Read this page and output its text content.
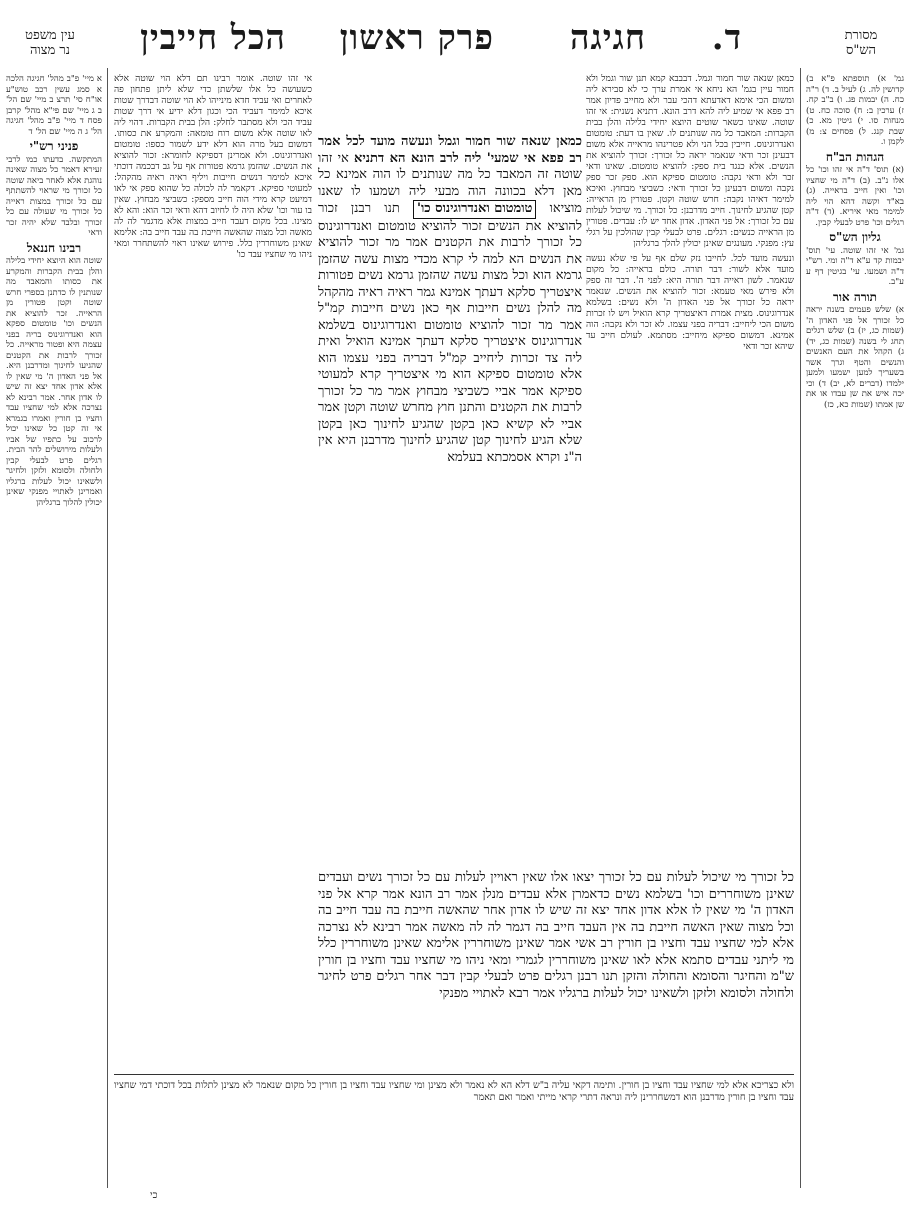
מסורת
הש"ס
הכל חייבין פרק ראשון חגיגה ד.
עין משפט
נר מצוה
גמ' א) תוספתא פ"א ב) קדושין לה. ג) לעיל ב. ד) ר"ה כח. ה) יבמות פג. ו) ב"ב קח. ז) ערכין ב: ח) סוכה כח. ט) מנחות סו. י) גיטין מא. כ) שבת קנג. ל) פסחים צ: מ) לקמן ו.
הגהות הב"ח
(א) תוס' ד"ה אי זהו וכו' כל אלו נ"ב. (ב) ד"ה מי שחציו וכו' ואין חייב בראייה. (ג) בא"ד וקשה דהא הוי ליה למימר מאי איריא. (ד) ד"ה רגלים וכו' פרט לבעלי קבין.
גליון הש"ס
גמ' אי זהו שוטה. עי' תוס' יבמות קד ע"א ד"ה ומי. רש"י ד"ה ושמעו. עי' בגיטין דף ע ע"ב.
תורה אור
א) שלש פעמים בשנה יראה כל זכורך אל פני האדון ה' (שמות כג, יז) ב) שלש רגלים תחג לי בשנה (שמות כג, יד) ג) הקהל את העם האנשים והנשים והטף וגרך אשר בשעריך למען ישמעו ולמען ילמדו (דברים לא, יב) ד) וכי יכה איש את שן עבדו או את שן אמתו (שמות כא, כז)
כמאן שנאה שור חמור וגמל. דבבבא קמא תנן שור וגמל ולא חמור עיין בגמ' הא ניחא אי אמרת ערך כי לא סבירא ליה ומשום הכי אימא דאדעתא דהכי עבר ולא מחייב פדיון אמר רב פפא אי שמיע ליה להא דרב הונא. דתניא נשנית: אי זהו שוטה. שאינו כשאר שוטים היוצא יחידי בלילה והלן בבית הקברות: המאבד כל מה שנותנים לו. שאין בו דעת: טומטום ואנדרוגינוס. חייבין בכל הני ולא פטרינהו מראייה אלא משום דבעינן זכר ודאי שנאמר יראה כל זכורך: זכורך להוציא את הנשים. אלא כנגד בית ספק: להוציא טומטום. שאינו ודאי זכר ולא ודאי נקבה: טומטום ספיקא הוא. ספק זכר ספק נקבה ומשום דבעינן כל זכורך ודאי: כשביצי מבחוץ. ואיכא למימר דאיהו נקבה: חרש שוטה וקטן. פטורין מן הראייה: קטן שהגיע לחינוך. חייב מדרבנן: כל זכורך. מי שיכול לעלות עם כל זכורך: אל פני האדון. אדון אחד יש לו: עבדים. פטורין מן הראייה כנשים: רגלים. פרט לבעלי קבין שהולכין על רגלי עץ: מפנקי. מעונגים שאינן יכולין להלך ברגליהן
ונעשה מועד לכל. לחייבו נזק שלם אף על פי שלא נעשה מועד אלא לשור: דבר תורה. כולם בראייה: כל מקום שנאמר. לשון ראייה דבר תורה היא: לפני ה'. דבר זה ספק ולא פירש מאי טעמא: זכור להוציא את הנשים. שנאמר יראה כל זכורך אל פני האדון ה' ולא נשים: בשלמא אנדרוגינוס. מצית אמרת דאיצטריך קרא הואיל ויש לו זכרות משום הכי ליחייב: דבריה בפני עצמו. לא זכר ולא נקבה: הוה אמינא. דמשום ספיקא מיחייב: מסתמא. לעולם חייב עד שיהא זכר ודאי
אי זהו שוטה. אומר רבינו תם דלא הוי שוטה אלא כשעושה כל אלו שלשתן כדי שלא ליתן פתחון פה לאחרים ואי עביד חדא מינייהו לא הוי שוטה דבדרך שטות איכא למימר דעביד הכי וכגון דלא ידיע אי דרך שטות עביד הכי ולא מסתבר לחלק: הלן בבית הקברות. דהוי ליה לאו שוטה אלא משום רוח טומאה: והמקרע את כסותו. דמשום בעל מרה הוא דלא ידע לשמור כספו: טומטום ואנדרוגינוס. ולא אמרינן דספיקא לחומרא: זכור להוציא את הנשים. שהזמן גרמא פטורות אף על גב דבכמה דוכתי איכא למימר דנשים חייבות ויליף ראיה ראיה מהקהל: למעוטי ספיקא. דקאמר לה לכולה כל שהוא ספק אי לאו דמיעט קרא מידי הוה חייב מספק: כשביצי מבחוץ. שאין בו עור וכו' שלא היה לו לחיוב דהא ודאי זכר הוא: והא לא מצינו. בכל מקום דעבד חייב במצות אלא מדגמר לה לה מאשה וכל מצוה שהאשה חייבת בה עבד חייב בה: אלימא שאינן משוחררין כלל. פירוש שאינו ראוי להשתחרר ומאי ניהו מי שחציו עבד כו'
כמאן שנאה שור חמור וגמל ונעשה מועד לכל אמר רב פפא אי שמעי' ליה לרב הונא הא דתניא אי זהו שוטה זה המאבד כל מה שנותנים לו הוה אמינא כל מאן דלא בכוונה הוה מבעי ליה ושמעו לו שאנו מוציאו טומטום ואנדרוגינוס כו' תנו רבנן זכור להוציא את הנשים זכור להוציא טומטום ואנדרוגינוס כל זכורך לרבות את הקטנים אמר מר זכור להוציא את הנשים הא למה לי קרא מכדי מצות עשה שהזמן גרמא הוא וכל מצות עשה שהזמן גרמא נשים פטורות איצטריך סלקא דעתך אמינא גמר ראיה ראיה מהקהל מה להלן נשים חייבות אף כאן נשים חייבות קמ"ל אמר מר זכור להוציא טומטום ואנדרוגינוס בשלמא אנדרוגינוס איצטריך סלקא דעתך אמינא הואיל ואית ליה צד זכרות ליחייב קמ"ל דבריה בפני עצמו הוא אלא טומטום ספיקא הוא מי איצטריך קרא למעוטי ספיקא אמר אביי כשביצי מבחוץ אמר מר כל זכורך לרבות את הקטנים והתנן חוץ מחרש שוטה וקטן אמר אביי לא קשיא כאן בקטן שהגיע לחינוך כאן בקטן שלא הגיע לחינוך קטן שהגיע לחינוך מדרבנן היא אין ה"נ וקרא אסמכתא בעלמא
כל זכורך מי שיכול לעלות עם כל זכורך יצאו אלו שאין ראויין לעלות עם כל זכורך נשים ועבדים שאינן משוחררים וכו' בשלמא נשים כדאמרן אלא עבדים מנלן אמר רב הונא אמר קרא אל פני האדון ה' מי שאין לו אלא אדון אחד יצא זה שיש לו אדון אחר שהאשה חייבת בה עבד חייב בה וכל מצוה שאין האשה חייבת בה אין העבד חייב בה דגמר לה לה מאשה אמר רבינא לא נצרכה אלא למי שחציו עבד וחציו בן חורין רב אשי אמר שאינן משוחררין אלימא שאינן משוחררין כלל מי ליתני עבדים סתמא אלא לאו שאינן משוחררין לגמרי ומאי ניהו מי שחציו עבד וחציו בן חורין ש"מ והחיגר והסומא והחולה והזקן תנו רבנן רגלים פרט לבעלי קבין דבר אחר רגלים פרט לחיגר ולחולה ולסומא ולזקן ולשאינו יכול לעלות ברגליו אמר רבא לאתויי מפנקי
א מיי' פ"ב מהל' חגיגה הלכה א סמג עשין רכב טוש"ע או"ח סי' תרצ ב מיי' שם הל' ב ג מיי' שם פי"א מהל' קרבן פסח ד מיי' פ"ב מהל' חגיגה הל' ג ה מיי' שם הל' ד
פניני רש"י
המתקשה. בדעתו כמו לרבי זעירא דאמר כל מצוה שאינה נוהגת אלא לאחר ביאה שוטה כל זכורך מי שראוי להשתתף עם כל זכורך במצות ראייה כל זכורך מי שעולה עם כל זכורך ובלבד שלא יהיה זכר ודאי
רבינו חננאל
שוטה הוא היוצא יחידי בלילה והלן בבית הקברות והמקרע את כסותו והמאבד מה שנותנין לו כדתנן בספרי חרש שוטה וקטן פטורין מן הראייה. זכר להוציא את הנשים וכו' טומטום ספקא הוא ואנדרוגינוס בריה בפני עצמה היא ופטור מראייה. כל זכורך לרבות את הקטנים שהגיעו לחינוך ומדרבנן היא. אל פני האדון ה' מי שאין לו אלא אדון אחד יצא זה שיש לו אדון אחר. אמר רבינא לא נצרכה אלא למי שחציו עבד וחציו בן חורין ואמרו בגמרא אי זה קטן כל שאינו יכול לרכוב על כתפיו של אביו ולעלות מירושלים להר הבית. רגלים פרט לבעלי קבין ולחולה ולסומא ולזקן ולחיגר ולשאינו יכול לעלות ברגליו ואמרינן לאתויי מפנקי שאינן יכולין להלוך ברגליהן
ולא כצריכא אלא למי שחציו עבד וחציו בן חורין. ותימה דקאי עליה ב"ש דלא הא לא נאמר ולא מצינן ומי שחציו עבד וחציו בן חורין כל מקום שנאמר לא מצינן לתלות בכל דוכתי דמי שחציו עבד וחציו בן חורין מדרבנן הוא דמשחררינן ליה ונראה דתרי קראי מייתי ואמר ואם תאמר
כי
